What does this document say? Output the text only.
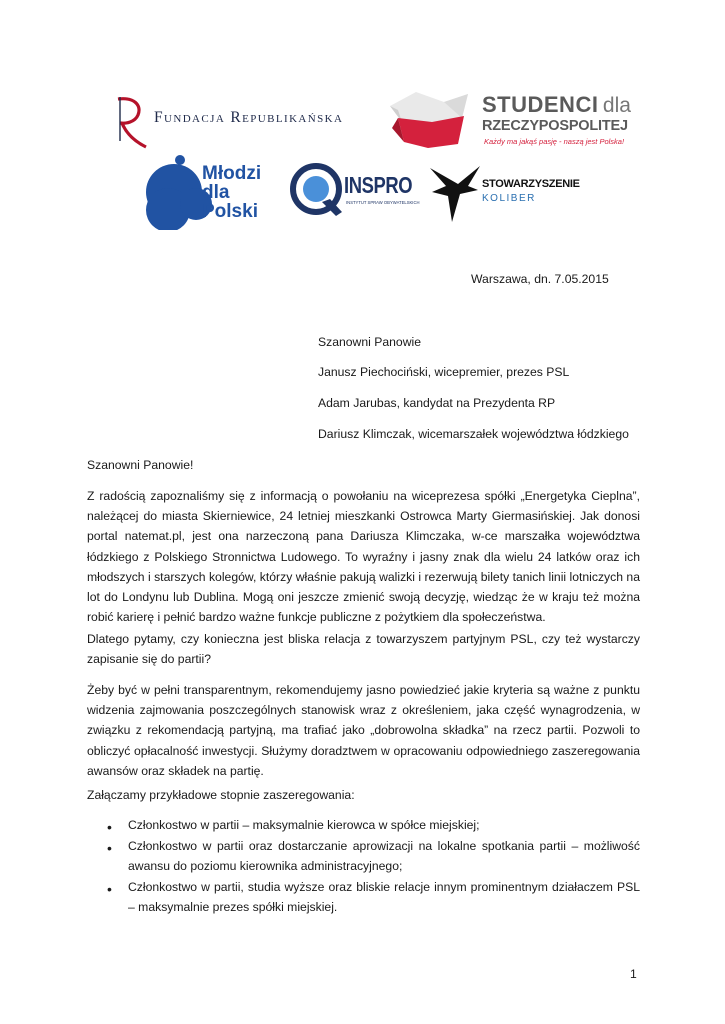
Fundacja Republikańska
STUDENCI dla
RZECZYPOSPOLITEJ
Każdy ma jakąś pasję - naszą jest Polska!
Młodzi
dla
Polski
INSPRO
INSTYTUT SPRAW OBYWATELSKICH
STOWARZYSZENIE
KOLIBER
Warszawa, dn. 7.05.2015
Szanowni Panowie
Janusz Piechociński, wicepremier, prezes PSL
Adam Jarubas, kandydat na Prezydenta RP
Dariusz Klimczak, wicemarszałek województwa łódzkiego
Szanowni Panowie!

Z radością zapoznaliśmy się z informacją o powołaniu na wiceprezesa spółki „Energetyka Cieplna”, należącej do miasta Skierniewice, 24 letniej mieszkanki Ostrowca Marty Giermasińskiej. Jak donosi portal natemat.pl, jest ona narzeczoną pana Dariusza Klimczaka, w-ce marszałka województwa łódzkiego z Polskiego Stronnictwa Ludowego. To wyraźny i jasny znak dla wielu 24 latków oraz ich młodszych i starszych kolegów, którzy właśnie pakują walizki i rezerwują bilety tanich linii lotniczych na lot do Londynu lub Dublina. Mogą oni jeszcze zmienić swoją decyzję, wiedząc że w kraju też można robić karierę i pełnić bardzo ważne funkcje publiczne z pożytkiem dla społeczeństwa.

Dlatego pytamy, czy konieczna jest bliska relacja z towarzyszem partyjnym PSL, czy też wystarczy zapisanie się do partii?

Żeby być w pełni transparentnym, rekomendujemy jasno powiedzieć jakie kryteria są ważne z punktu widzenia zajmowania poszczególnych stanowisk wraz z określeniem, jaka część wynagrodzenia, w związku z rekomendacją partyjną, ma trafiać jako „dobrowolna składka” na rzecz partii. Pozwoli to obliczyć opłacalność inwestycji. Służymy doradztwem w opracowaniu odpowiedniego zaszeregowania awansów oraz składek na partię.

Załączamy przykładowe stopnie zaszeregowania:

• Członkostwo w partii – maksymalnie kierowca w spółce miejskiej;

• Członkostwo w partii oraz dostarczanie aprowizacji na lokalne spotkania partii – możliwość awansu do poziomu kierownika administracyjnego;

• Członkostwo w partii, studia wyższe oraz bliskie relacje innym prominentnym działaczem PSL – maksymalnie prezes spółki miejskiej.

1
